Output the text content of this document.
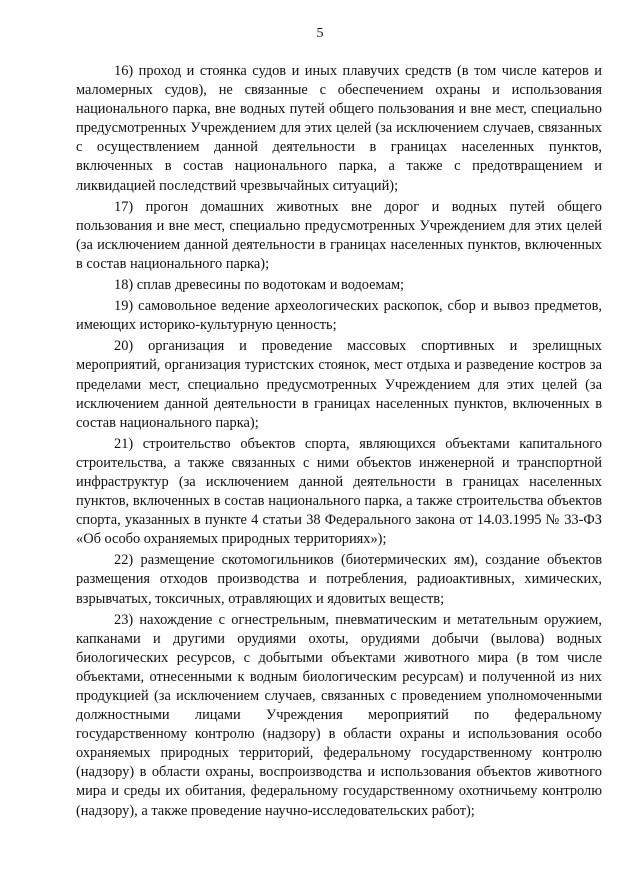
5

16) проход и стоянка судов и иных плавучих средств (в том числе катеров и маломерных судов), не связанные с обеспечением охраны и использования национального парка, вне водных путей общего пользования и вне мест, специально предусмотренных Учреждением для этих целей (за исключением случаев, связанных с осуществлением данной деятельности в границах населенных пунктов, включенных в состав национального парка, а также с предотвращением и ликвидацией последствий чрезвычайных ситуаций);

17) прогон домашних животных вне дорог и водных путей общего пользования и вне мест, специально предусмотренных Учреждением для этих целей (за исключением данной деятельности в границах населенных пунктов, включенных в состав национального парка);

18) сплав древесины по водотокам и водоемам;

19) самовольное ведение археологических раскопок, сбор и вывоз предметов, имеющих историко-культурную ценность;

20) организация и проведение массовых спортивных и зрелищных мероприятий, организация туристских стоянок, мест отдыха и разведение костров за пределами мест, специально предусмотренных Учреждением для этих целей (за исключением данной деятельности в границах населенных пунктов, включенных в состав национального парка);

21) строительство объектов спорта, являющихся объектами капитального строительства, а также связанных с ними объектов инженерной и транспортной инфраструктур (за исключением данной деятельности в границах населенных пунктов, включенных в состав национального парка, а также строительства объектов спорта, указанных в пункте 4 статьи 38 Федерального закона от 14.03.1995 № 33-ФЗ «Об особо охраняемых природных территориях»);

22) размещение скотомогильников (биотермических ям), создание объектов размещения отходов производства и потребления, радиоактивных, химических, взрывчатых, токсичных, отравляющих и ядовитых веществ;

23) нахождение с огнестрельным, пневматическим и метательным оружием, капканами и другими орудиями охоты, орудиями добычи (вылова) водных биологических ресурсов, с добытыми объектами животного мира (в том числе объектами, отнесенными к водным биологическим ресурсам) и полученной из них продукцией (за исключением случаев, связанных с проведением уполномоченными должностными лицами Учреждения мероприятий по федеральному государственному контролю (надзору) в области охраны и использования особо охраняемых природных территорий, федеральному государственному контролю (надзору) в области охраны, воспроизводства и использования объектов животного мира и среды их обитания, федеральному государственному охотничьему контролю (надзору), а также проведение научно-исследовательских работ);
